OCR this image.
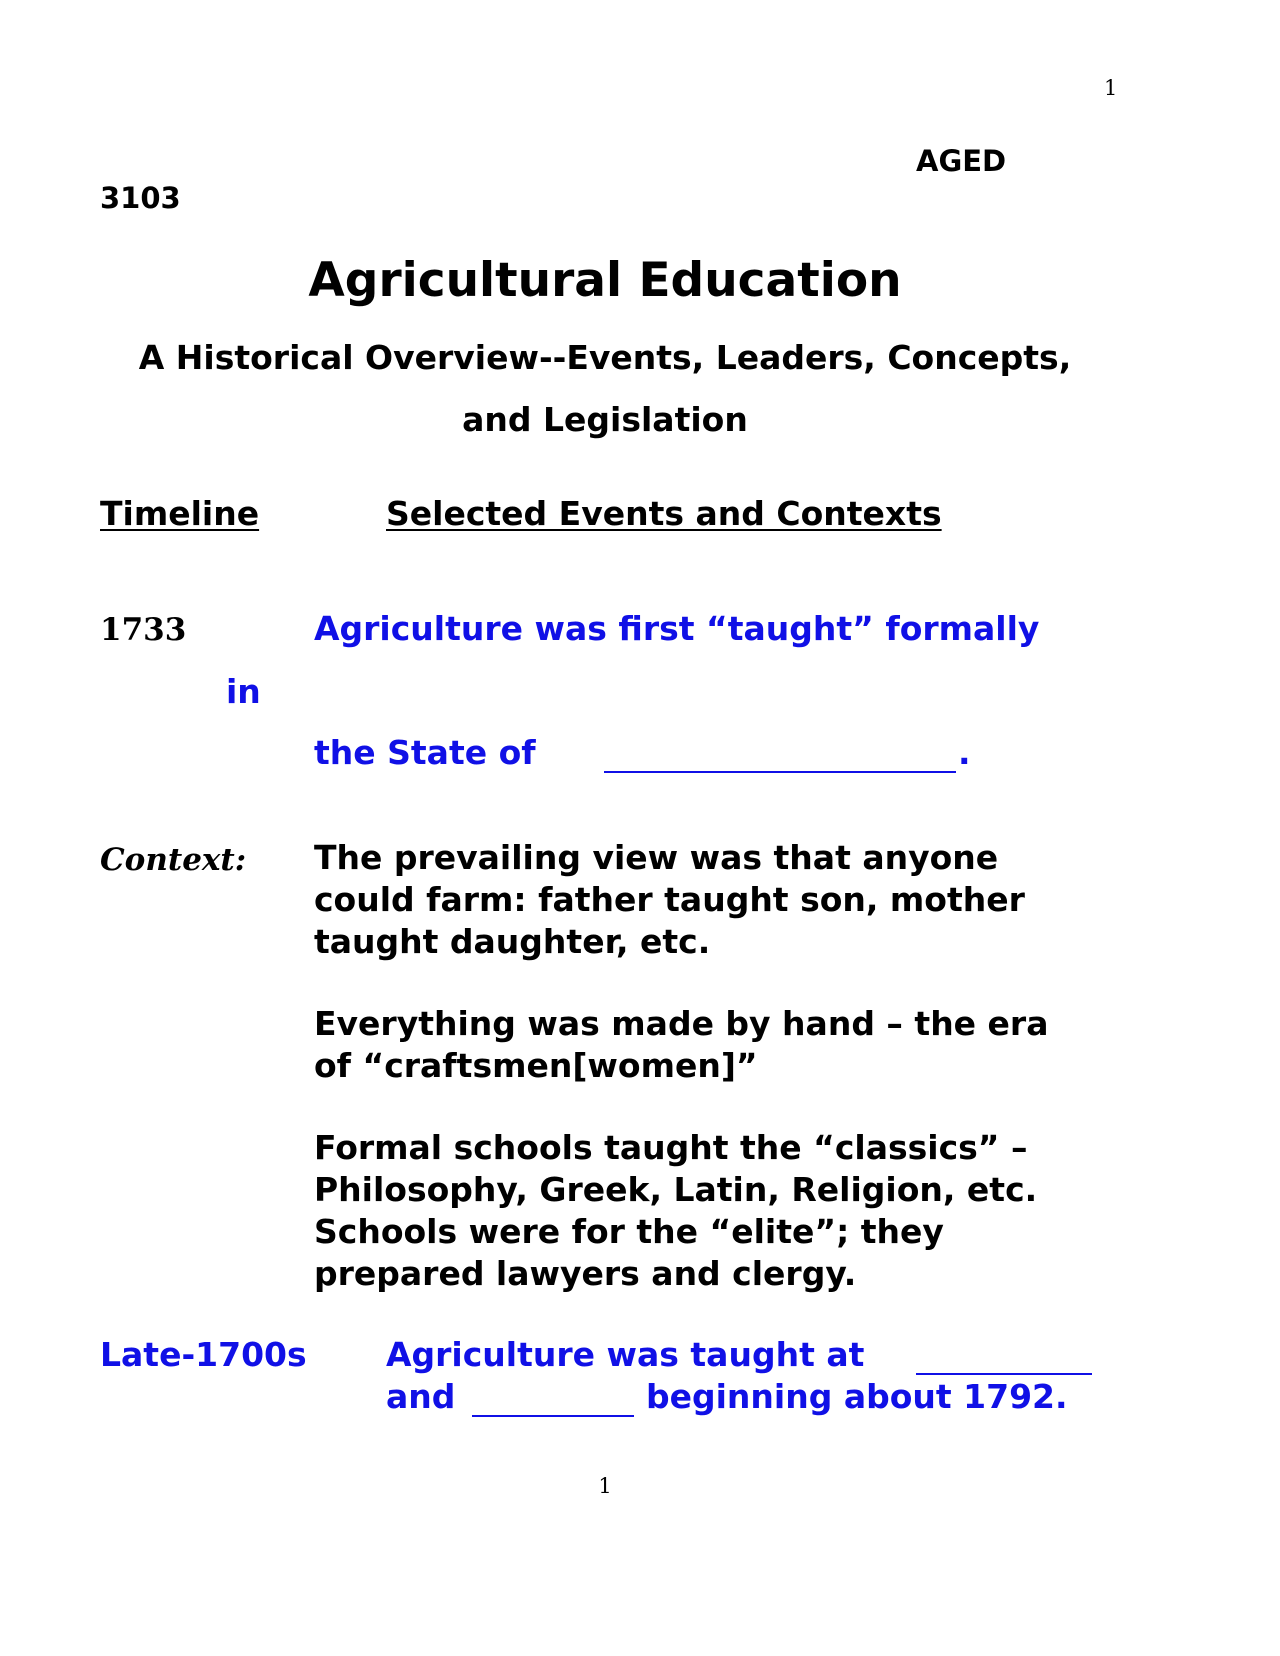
1
AGED
3103
Agricultural Education
A Historical Overview--Events, Leaders, Concepts,
and Legislation
Timeline	Selected Events and Contexts
1733	Agriculture was first “taught” formally
in
the State of	.
Context: The prevailing view was that anyone
could farm: father taught son, mother
taught daughter, etc.
Everything was made by hand – the era
of “craftsmen[women]”
Formal schools taught the “classics” –
Philosophy, Greek, Latin, Religion, etc.
Schools were for the “elite”; they
prepared lawyers and clergy.
Late-1700s Agriculture was taught at
and	beginning about 1792.
1
